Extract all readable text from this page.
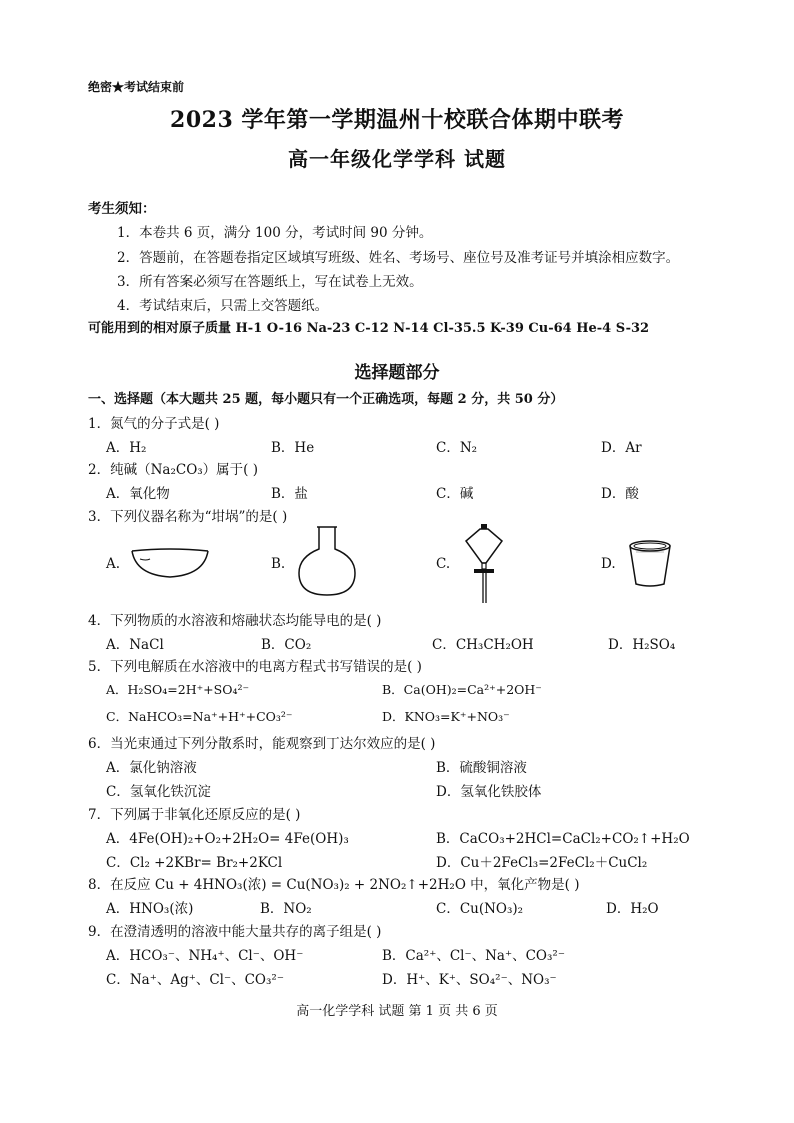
绝密★考试结束前
2023 学年第一学期温州十校联合体期中联考
高一年级化学学科 试题
考生须知：
1．本卷共 6 页，满分 100 分，考试时间 90 分钟。
2．答题前，在答题卷指定区域填写班级、姓名、考场号、座位号及准考证号并填涂相应数字。
3．所有答案必须写在答题纸上，写在试卷上无效。
4．考试结束后，只需上交答题纸。
可能用到的相对原子质量 H-1 O-16 Na-23 C-12 N-14 Cl-35.5 K-39 Cu-64 He-4 S-32
选择题部分
一、选择题（本大题共 25 题，每小题只有一个正确选项，每题 2 分，共 50 分）
1．氮气的分子式是( )
A．H₂	B．He	C．N₂	D．Ar
2．纯碱（Na₂CO₃）属于( )
A．氧化物	B．盐	C．碱	D．酸
3．下列仪器名称为“坩埚”的是( )
A.	B.	C.	D.
4．下列物质的水溶液和熔融状态均能导电的是( )
A．NaCl	B．CO₂	C．CH₃CH₂OH	D．H₂SO₄
5．下列电解质在水溶液中的电离方程式书写错误的是( )
A．H₂SO₄=2H⁺+SO₄²⁻	B．Ca(OH)₂=Ca²⁺+2OH⁻
C．NaHCO₃=Na⁺+H⁺+CO₃²⁻	D．KNO₃=K⁺+NO₃⁻
6．当光束通过下列分散系时，能观察到丁达尔效应的是( )
A．氯化钠溶液	B．硫酸铜溶液
C．氢氧化铁沉淀	D．氢氧化铁胶体
7．下列属于非氧化还原反应的是( )
A．4Fe(OH)₂+O₂+2H₂O= 4Fe(OH)₃	B．CaCO₃+2HCl=CaCl₂+CO₂↑+H₂O
C．Cl₂ +2KBr= Br₂+2KCl	D．Cu＋2FeCl₃=2FeCl₂＋CuCl₂
8．在反应 Cu + 4HNO₃(浓) = Cu(NO₃)₂ + 2NO₂↑+2H₂O 中，氧化产物是( )
A．HNO₃(浓)	B．NO₂	C．Cu(NO₃)₂	D．H₂O
9．在澄清透明的溶液中能大量共存的离子组是( )
A．HCO₃⁻、NH₄⁺、Cl⁻、OH⁻	B．Ca²⁺、Cl⁻、Na⁺、CO₃²⁻
C．Na⁺、Ag⁺、Cl⁻、CO₃²⁻	D．H⁺、K⁺、SO₄²⁻、NO₃⁻
高一化学学科 试题 第 1 页 共 6 页
